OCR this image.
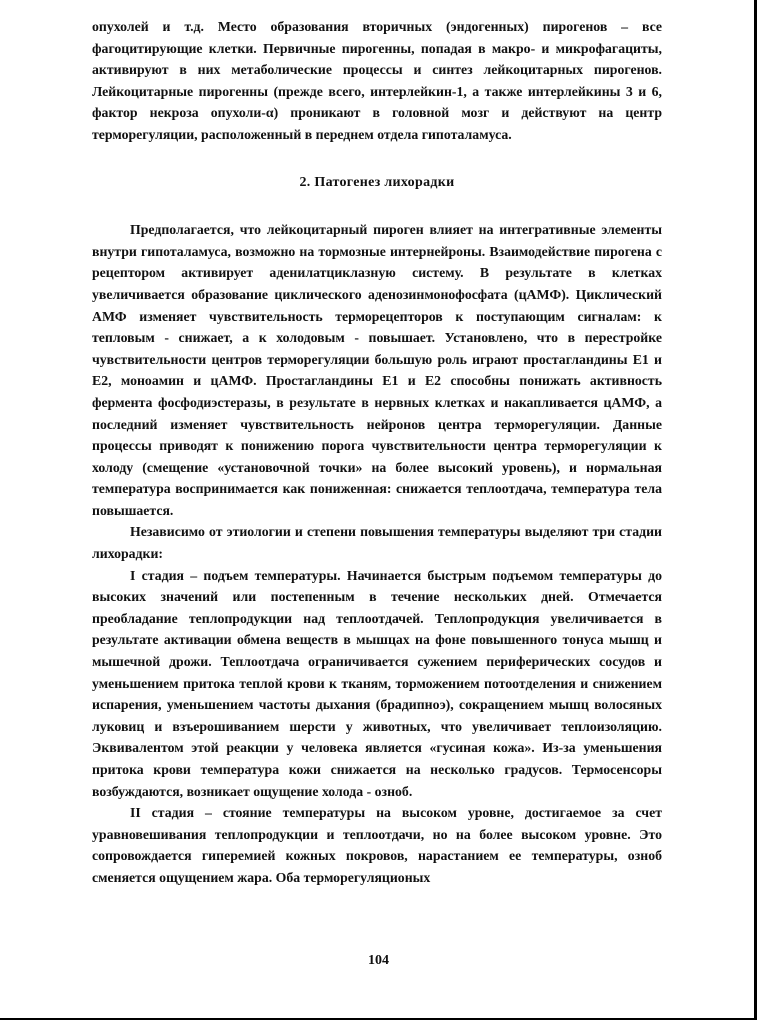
опухолей и т.д. Место образования вторичных (эндогенных) пирогенов – все фагоцитирующие клетки. Первичные пирогенны, попадая в макро- и микрофагациты, активируют в них метаболические процессы и синтез лейкоцитарных пирогенов. Лейкоцитарные пирогенны (прежде всего, интерлейкин-1, а также интерлейкины 3 и 6, фактор некроза опухоли-α) проникают в головной мозг и действуют на центр терморегуляции, расположенный в переднем отдела гипоталамуса.

2. Патогенез лихорадки

Предполагается, что лейкоцитарный пироген влияет на интегративные элементы внутри гипоталамуса, возможно на тормозные интернейроны. Взаимодействие пирогена с рецептором активирует аденилатциклазную систему. В результате в клетках увеличивается образование циклического аденозинмонофосфата (цАМФ). Циклический АМФ изменяет чувствительность терморецепторов к поступающим сигналам: к тепловым - снижает, а к холодовым - повышает. Установлено, что в перестройке чувствительности центров терморегуляции большую роль играют простагландины Е1 и Е2, моноамин и цАМФ. Простагландины Е1 и Е2 способны понижать активность фермента фосфодиэстеразы, в результате в нервных клетках и накапливается цАМФ, а последний изменяет чувствительность нейронов центра терморегуляции. Данные процессы приводят к понижению порога чувствительности центра терморегуляции к холоду (смещение «установочной точки» на более высокий уровень), и нормальная температура воспринимается как пониженная: снижается теплоотдача, температура тела повышается.

Независимо от этиологии и степени повышения температуры выделяют три стадии лихорадки:

I стадия – подъем температуры. Начинается быстрым подъемом температуры до высоких значений или постепенным в течение нескольких дней. Отмечается преобладание теплопродукции над теплоотдачей. Теплопродукция увеличивается в результате активации обмена веществ в мышцах на фоне повышенного тонуса мышц и мышечной дрожи. Теплоотдача ограничивается сужением периферических сосудов и уменьшением притока теплой крови к тканям, торможением потоотделения и снижением испарения, уменьшением частоты дыхания (брадипноэ), сокращением мышц волосяных луковиц и взъерошиванием шерсти у животных, что увеличивает теплоизоляцию. Эквивалентом этой реакции у человека является «гусиная кожа». Из-за уменьшения притока крови температура кожи снижается на несколько градусов. Термосенсоры возбуждаются, возникает ощущение холода - озноб.

II стадия – стояние температуры на высоком уровне, достигаемое за счет уравновешивания теплопродукции и теплоотдачи, но на более высоком уровне. Это сопровождается гиперемией кожных покровов, нарастанием ее температуры, озноб сменяется ощущением жара. Оба терморегуляционых

104
